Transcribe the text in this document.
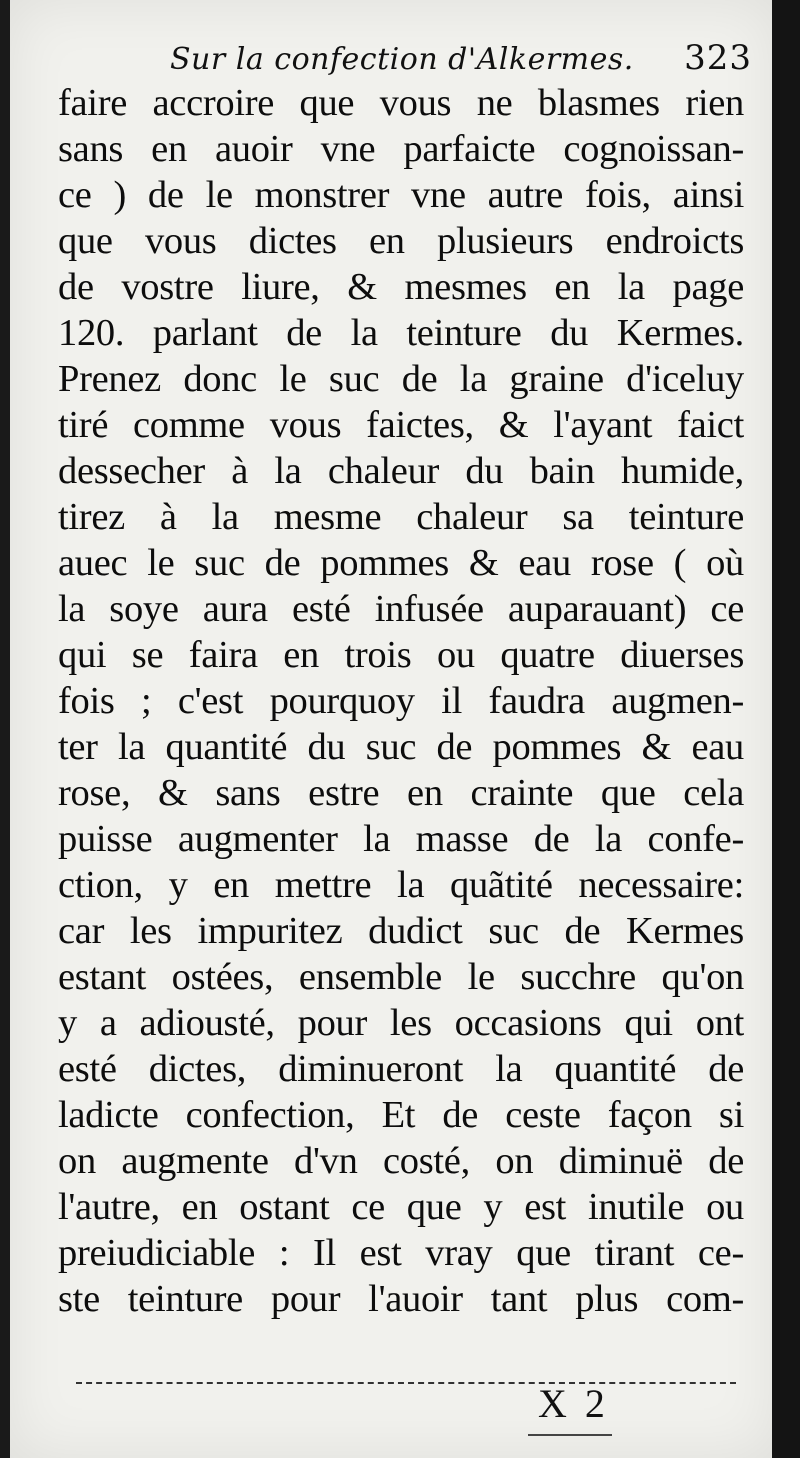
Sur la confection d'Alkermes. 323
faire accroire que vous ne blasmes rien
sans en auoir vne parfaicte cognoissan-
ce ) de le monstrer vne autre fois, ainsi
que vous dictes en plusieurs endroicts
de vostre liure, & mesmes en la page
120. parlant de la teinture du Kermes.
Prenez donc le suc de la graine d'iceluy
tiré comme vous faictes, & l'ayant faict
dessecher à la chaleur du bain humide,
tirez à la mesme chaleur sa teinture
auec le suc de pommes & eau rose ( où
la soye aura esté infusée auparauant) ce
qui se faira en trois ou quatre diuerses
fois ; c'est pourquoy il faudra augmen-
ter la quantité du suc de pommes & eau
rose, & sans estre en crainte que cela
puisse augmenter la masse de la confe-
ction, y en mettre la quãtité necessaire:
car les impuritez dudict suc de Kermes
estant ostées, ensemble le succhre qu'on
y a adiousté, pour les occasions qui ont
esté dictes, diminueront la quantité de
ladicte confection, Et de ceste façon si
on augmente d'vn costé, on diminuë de
l'autre, en ostant ce que y est inutile ou
preiudiciable : Il est vray que tirant ce-
ste teinture pour l'auoir tant plus com-
X 2
